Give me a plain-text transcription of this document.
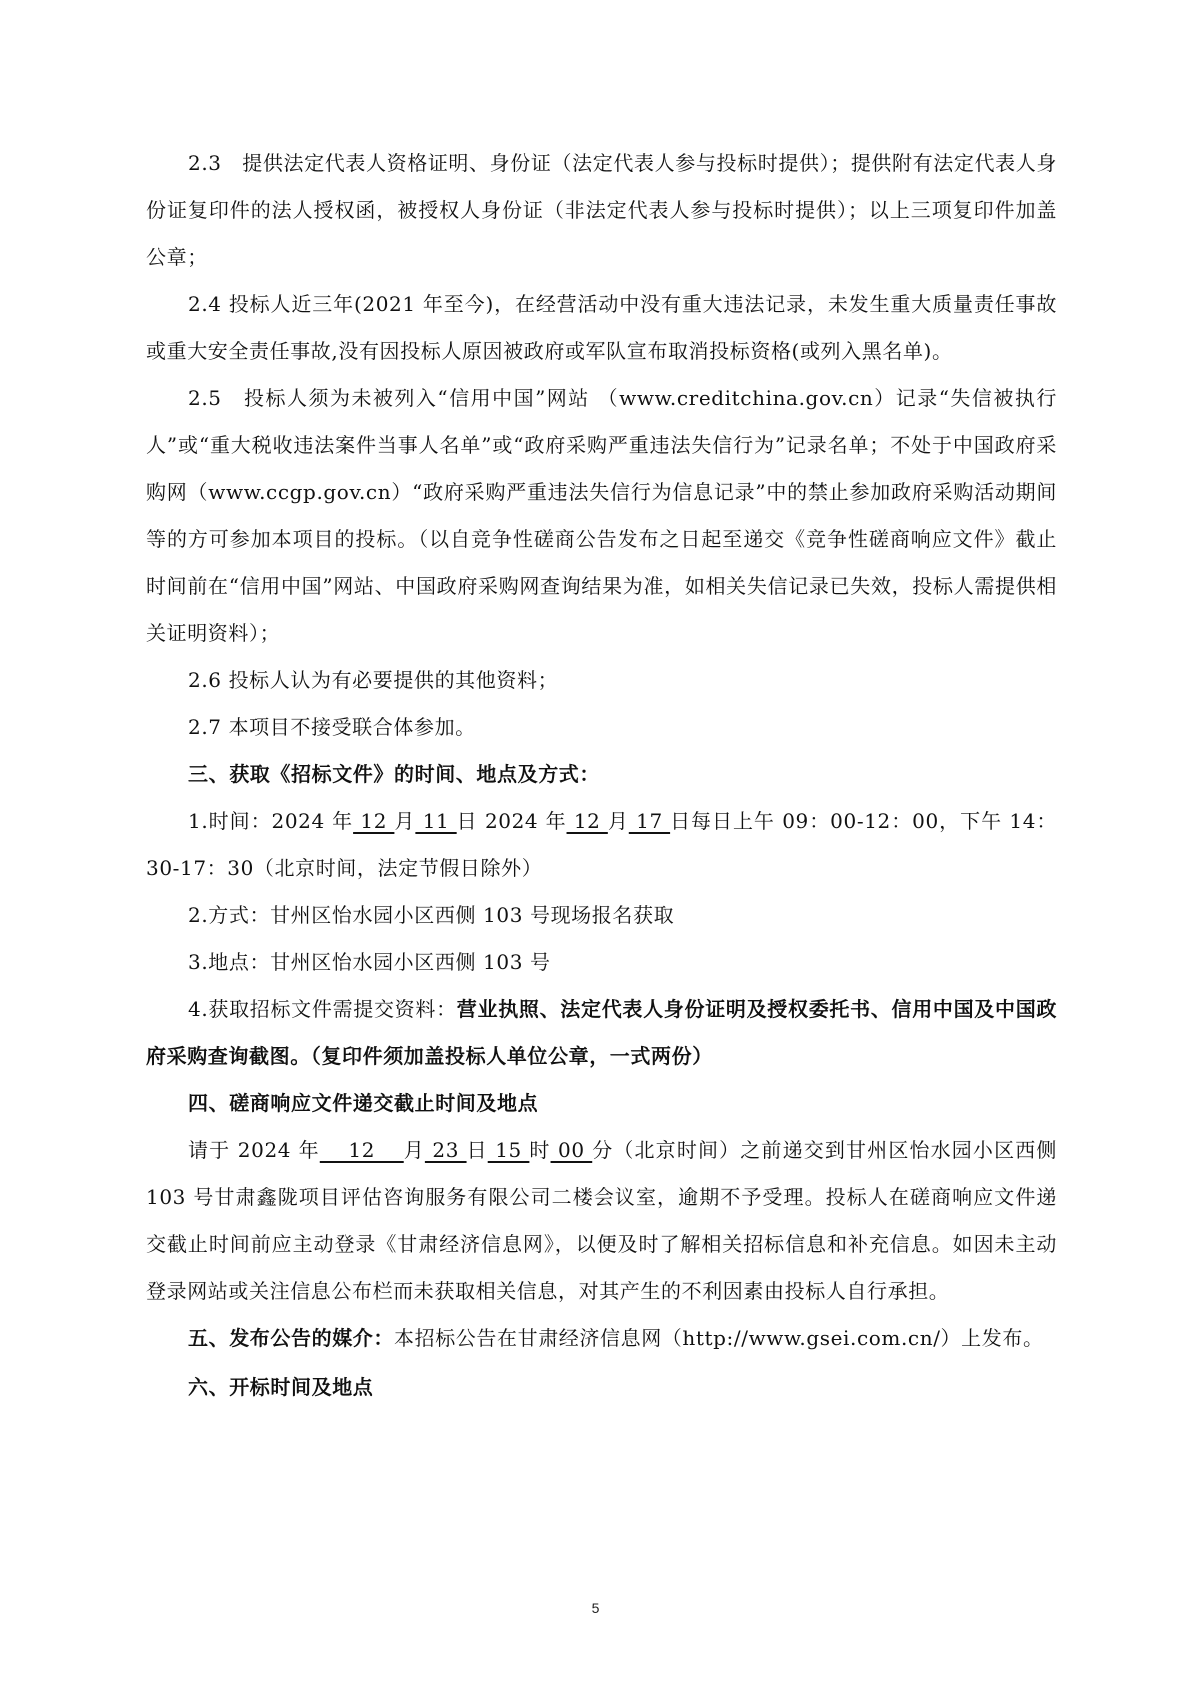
2.3　提供法定代表人资格证明、身份证（法定代表人参与投标时提供）；提供附有法定代表人身份证复印件的法人授权函，被授权人身份证（非法定代表人参与投标时提供）；以上三项复印件加盖公章；

2.4 投标人近三年(2021 年至今)，在经营活动中没有重大违法记录，未发生重大质量责任事故或重大安全责任事故,没有因投标人原因被政府或军队宣布取消投标资格(或列入黑名单)。

2.5　投标人须为未被列入“信用中国”网站 （www.creditchina.gov.cn）记录“失信被执行人”或“重大税收违法案件当事人名单”或“政府采购严重违法失信行为”记录名单；不处于中国政府采购网（www.ccgp.gov.cn）“政府采购严重违法失信行为信息记录”中的禁止参加政府采购活动期间等的方可参加本项目的投标。（以自竞争性磋商公告发布之日起至递交《竞争性磋商响应文件》截止时间前在“信用中国”网站、中国政府采购网查询结果为准，如相关失信记录已失效，投标人需提供相关证明资料）；

2.6 投标人认为有必要提供的其他资料；

2.7 本项目不接受联合体参加。

三、获取《招标文件》的时间、地点及方式：

1.时间：2024 年 12 月 11 日 2024 年 12 月 17 日每日上午 09：00-12：00，下午 14：30-17：30（北京时间，法定节假日除外）

2.方式：甘州区怡水园小区西侧 103 号现场报名获取

3.地点：甘州区怡水园小区西侧 103 号

4.获取招标文件需提交资料：营业执照、法定代表人身份证明及授权委托书、信用中国及中国政府采购查询截图。（复印件须加盖投标人单位公章，一式两份）

四、磋商响应文件递交截止时间及地点

请于 2024 年　 12 　月 23 日 15 时 00 分（北京时间）之前递交到甘州区怡水园小区西侧 103 号甘肃鑫陇项目评估咨询服务有限公司二楼会议室，逾期不予受理。投标人在磋商响应文件递交截止时间前应主动登录《甘肃经济信息网》，以便及时了解相关招标信息和补充信息。如因未主动登录网站或关注信息公布栏而未获取相关信息，对其产生的不利因素由投标人自行承担。

五、发布公告的媒介：本招标公告在甘肃经济信息网（http://www.gsei.com.cn/）上发布。

六、开标时间及地点

5
